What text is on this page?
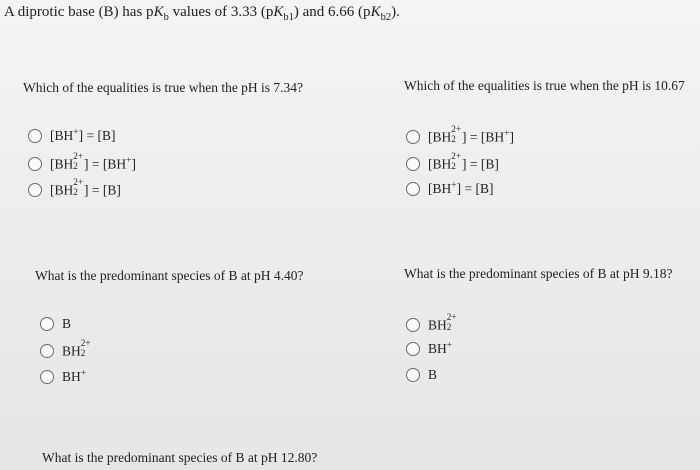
A diprotic base (B) has $pK_b$ values of 3.33 $(pK_{b1})$ and 6.66 $(pK_{b2})$.
Which of the equalities is true when the pH is 7.34?
[BH+] = [B]
[BH
2+
2 ] = [BH+]
[BH
2+
2 ] = [B]
Which of the equalities is true when the pH is 10.67
[BH
2+
2 ] = [BH+]
[BH
2+
2 ] = [B]
[BH+] = [B]
What is the predominant species of B at pH 4.40?
B
BH
2+
2
BH+
What is the predominant species of B at pH 9.18?
BH
2+
2
BH+
B
What is the predominant species of B at pH 12.80?
